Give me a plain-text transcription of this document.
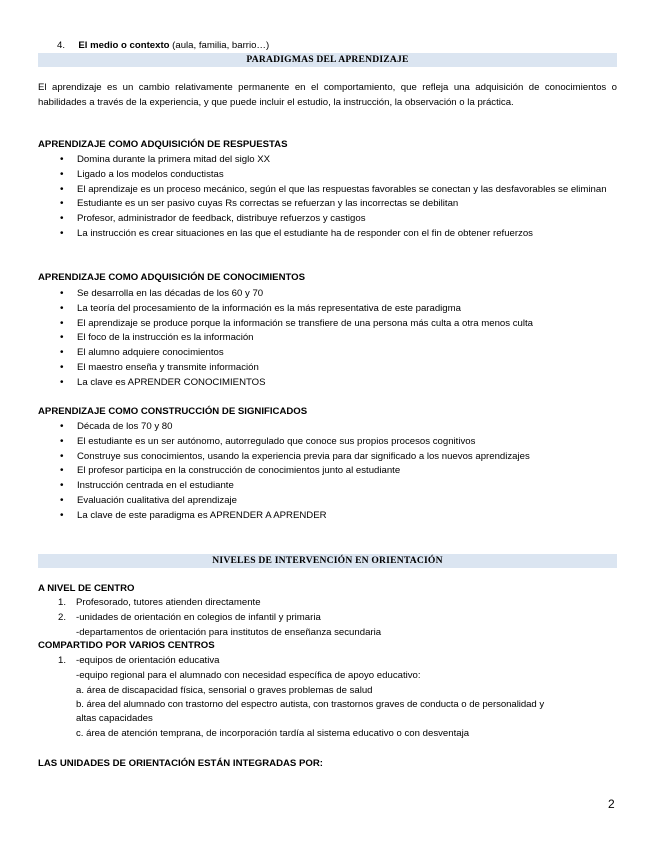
4. El medio o contexto (aula, familia, barrio…)
PARADIGMAS DEL APRENDIZAJE
El aprendizaje es un cambio relativamente permanente en el comportamiento, que refleja una adquisición de conocimientos o habilidades a través de la experiencia, y que puede incluir el estudio, la instrucción, la observación o la práctica.
APRENDIZAJE COMO ADQUISICIÓN DE RESPUESTAS
• Domina durante la primera mitad del siglo XX
• Ligado a los modelos conductistas
• El aprendizaje es un proceso mecánico, según el que las respuestas favorables se conectan y las desfavorables se eliminan
• Estudiante es un ser pasivo cuyas Rs correctas se refuerzan y las incorrectas se debilitan
• Profesor, administrador de feedback, distribuye refuerzos y castigos
• La instrucción es crear situaciones en las que el estudiante ha de responder con el fin de obtener refuerzos
APRENDIZAJE COMO ADQUISICIÓN DE CONOCIMIENTOS
• Se desarrolla en las décadas de los 60 y 70
• La teoría del procesamiento de la información es la más representativa de este paradigma
• El aprendizaje se produce porque la información se transfiere de una persona más culta a otra menos culta
• El foco de la instrucción es la información
• El alumno adquiere conocimientos
• El maestro enseña y transmite información
• La clave es APRENDER CONOCIMIENTOS
APRENDIZAJE COMO CONSTRUCCIÓN DE SIGNIFICADOS
• Década de los 70 y 80
• El estudiante es un ser autónomo, autorregulado que conoce sus propios procesos cognitivos
• Construye sus conocimientos, usando la experiencia previa para dar significado a los nuevos aprendizajes
• El profesor participa en la construcción de conocimientos junto al estudiante
• Instrucción centrada en el estudiante
• Evaluación cualitativa del aprendizaje
• La clave de este paradigma es APRENDER A APRENDER
NIVELES DE INTERVENCIÓN EN ORIENTACIÓN
A NIVEL DE CENTRO
1. Profesorado, tutores atienden directamente
2. -unidades de orientación en colegios de infantil y primaria
-departamentos de orientación para institutos de enseñanza secundaria
COMPARTIDO POR VARIOS CENTROS
1. -equipos de orientación educativa
-equipo regional para el alumnado con necesidad específica de apoyo educativo:
a. área de discapacidad física, sensorial o graves problemas de salud
b. área del alumnado con trastorno del espectro autista, con trastornos graves de conducta o de personalidad y
altas capacidades
c. área de atención temprana, de incorporación tardía al sistema educativo o con desventaja
LAS UNIDADES DE ORIENTACIÓN ESTÁN INTEGRADAS POR:
2
